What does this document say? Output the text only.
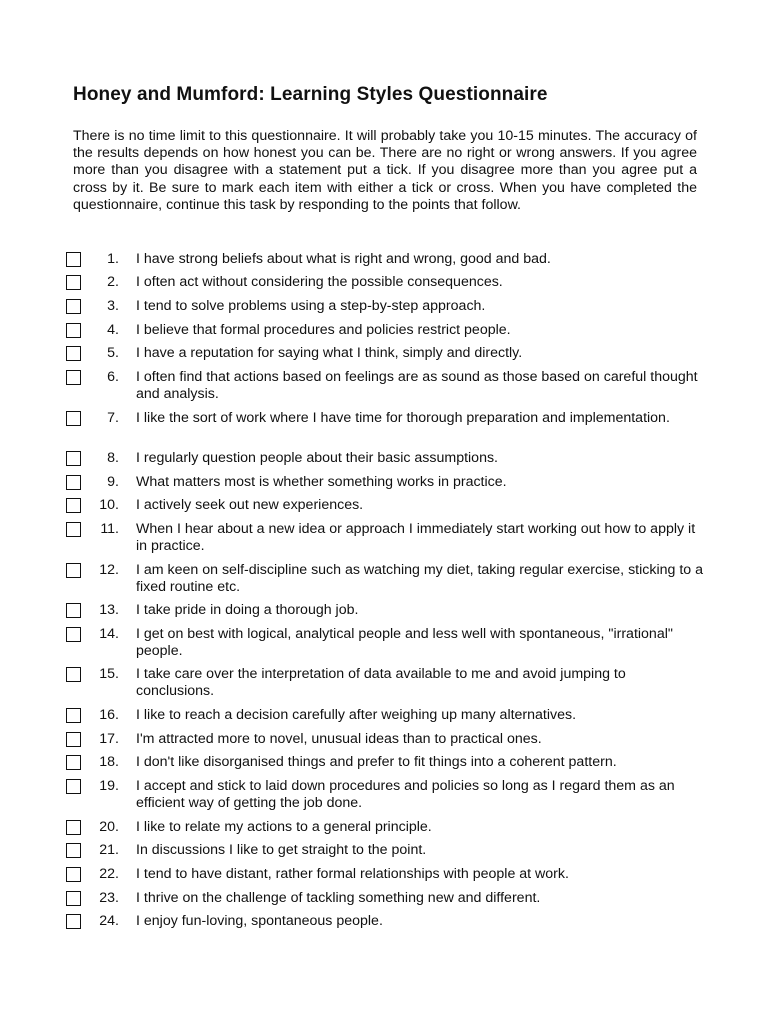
Honey and Mumford: Learning Styles Questionnaire

There is no time limit to this questionnaire. It will probably take you 10-15 minutes. The accuracy of the results depends on how honest you can be. There are no right or wrong answers. If you agree more than you disagree with a statement put a tick. If you disagree more than you agree put a cross by it. Be sure to mark each item with either a tick or cross. When you have completed the questionnaire, continue this task by responding to the points that follow.

1. I have strong beliefs about what is right and wrong, good and bad.
2. I often act without considering the possible consequences.
3. I tend to solve problems using a step-by-step approach.
4. I believe that formal procedures and policies restrict people.
5. I have a reputation for saying what I think, simply and directly.
6. I often find that actions based on feelings are as sound as those based on careful thought and analysis.
7. I like the sort of work where I have time for thorough preparation and implementation.
8. I regularly question people about their basic assumptions.
9. What matters most is whether something works in practice.
10. I actively seek out new experiences.
11. When I hear about a new idea or approach I immediately start working out how to apply it in practice.
12. I am keen on self-discipline such as watching my diet, taking regular exercise, sticking to a fixed routine etc.
13. I take pride in doing a thorough job.
14. I get on best with logical, analytical people and less well with spontaneous, "irrational" people.
15. I take care over the interpretation of data available to me and avoid jumping to conclusions.
16. I like to reach a decision carefully after weighing up many alternatives.
17. I'm attracted more to novel, unusual ideas than to practical ones.
18. I don't like disorganised things and prefer to fit things into a coherent pattern.
19. I accept and stick to laid down procedures and policies so long as I regard them as an efficient way of getting the job done.
20. I like to relate my actions to a general principle.
21. In discussions I like to get straight to the point.
22. I tend to have distant, rather formal relationships with people at work.
23. I thrive on the challenge of tackling something new and different.
24. I enjoy fun-loving, spontaneous people.
